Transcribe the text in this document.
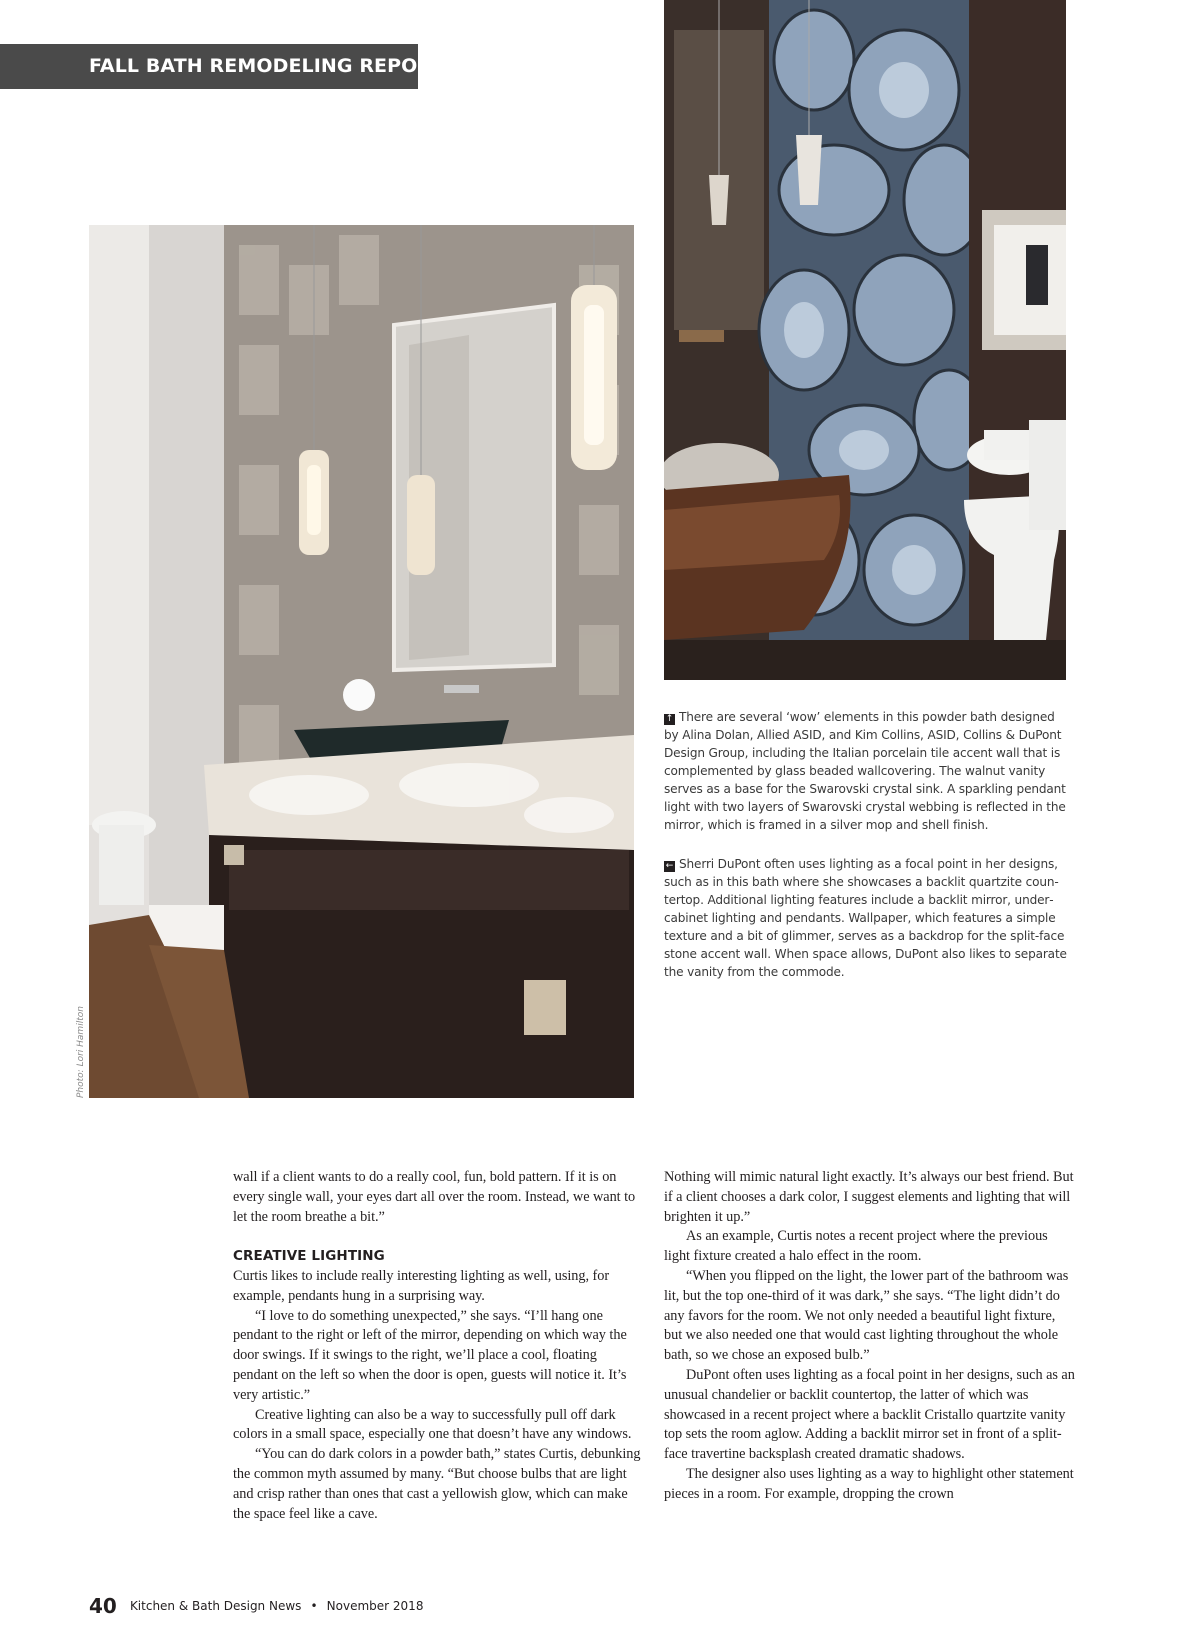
FALL BATH REMODELING REPORT
Photo: Lori Hamilton
↑ There are several ‘wow’ elements in this powder bath designed by Alina Dolan, Allied ASID, and Kim Collins, ASID, Collins & DuPont Design Group, including the Italian porcelain tile accent wall that is complemented by glass beaded wallcovering. The walnut vanity serves as a base for the Swarovski crystal sink. A sparkling pendant light with two layers of Swarovski crystal webbing is reflected in the mirror, which is framed in a silver mop and shell finish.
← Sherri DuPont often uses lighting as a focal point in her designs, such as in this bath where she showcases a backlit quartzite countertop. Additional lighting features include a backlit mirror, undercabinet lighting and pendants. Wallpaper, which features a simple texture and a bit of glimmer, serves as a backdrop for the split-face stone accent wall. When space allows, DuPont also likes to separate the vanity from the commode.

wall if a client wants to do a really cool, fun, bold pattern. If it is on every single wall, your eyes dart all over the room. Instead, we want to let the room breathe a bit.”

CREATIVE LIGHTING

Curtis likes to include really interesting lighting as well, using, for example, pendants hung in a surprising way.

“I love to do something unexpected,” she says. “I’ll hang one pendant to the right or left of the mirror, depending on which way the door swings. If it swings to the right, we’ll place a cool, floating pendant on the left so when the door is open, guests will notice it. It’s very artistic.”

Creative lighting can also be a way to successfully pull off dark colors in a small space, especially one that doesn’t have any windows.

“You can do dark colors in a powder bath,” states Curtis, debunking the common myth assumed by many. “But choose bulbs that are light and crisp rather than ones that cast a yellowish glow, which can make the space feel like a cave.

Nothing will mimic natural light exactly. It’s always our best friend. But if a client chooses a dark color, I suggest elements and lighting that will brighten it up.”

As an example, Curtis notes a recent project where the previous light fixture created a halo effect in the room.

“When you flipped on the light, the lower part of the bathroom was lit, but the top one-third of it was dark,” she says. “The light didn’t do any favors for the room. We not only needed a beautiful light fixture, but we also needed one that would cast lighting throughout the whole bath, so we chose an exposed bulb.”

DuPont often uses lighting as a focal point in her designs, such as an unusual chandelier or backlit countertop, the latter of which was showcased in a recent project where a backlit Cristallo quartzite vanity top sets the room aglow. Adding a backlit mirror set in front of a split-face travertine backsplash created dramatic shadows.

The designer also uses lighting as a way to highlight other statement pieces in a room. For example, dropping the crown

40 Kitchen & Bath Design News • November 2018
